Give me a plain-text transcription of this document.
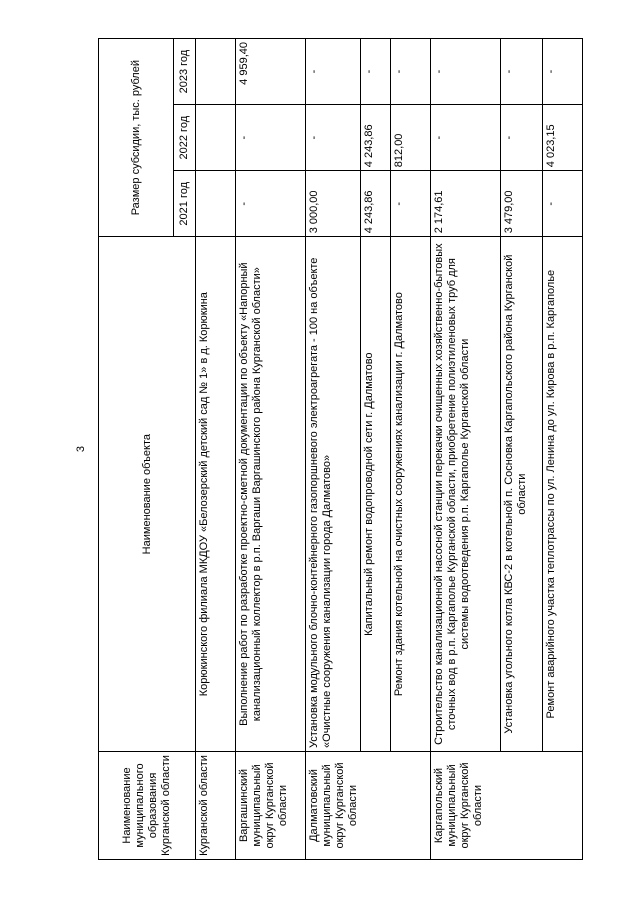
3
Наименование муниципального образования Курганской области	Наименование объекта	Размер субсидии, тыс. рублей		
		2021 год	2022 год	2023 год
Курганской области	Корюкинского филиала МКДОУ «Белозерский детский сад № 1» в д. Корюкина			
Варгашинский муниципальный округ Курганской области	Выполнение работ по разработке проектно-сметной документации по объекту «Напорный канализационный коллектор в р.п. Варгаши Варгашинского района Курганской области»	-	-	4 959,40
Далматовский муниципальный округ Курганской области	Установка модульного блочно-контейнерного газопоршневого электроагрегата - 100 на объекте «Очистные сооружения канализации города Далматово»	3 000,00	-	-
	Капитальный ремонт водопроводной сети г. Далматово	4 243,86	4 243,86	-
	Ремонт здания котельной на очистных сооружениях канализации г. Далматово	-	812,00	-
Каргапольский муниципальный округ Курганской области	Строительство канализационной насосной станции перекачки очищенных хозяйственно-бытовых сточных вод в р.п. Каргаполье Курганской области, приобретение полиэтиленовых труб для системы водоотведения р.п. Каргаполье Курганской области	2 174,61	-	-
	Установка угольного котла КВС-2 в котельной п. Сосновка Каргапольского района Курганской области	3 479,00	-	-
	Ремонт аварийного участка теплотрассы по ул. Ленина до ул. Кирова в р.п. Каргаполье	-	4 023,15	-
